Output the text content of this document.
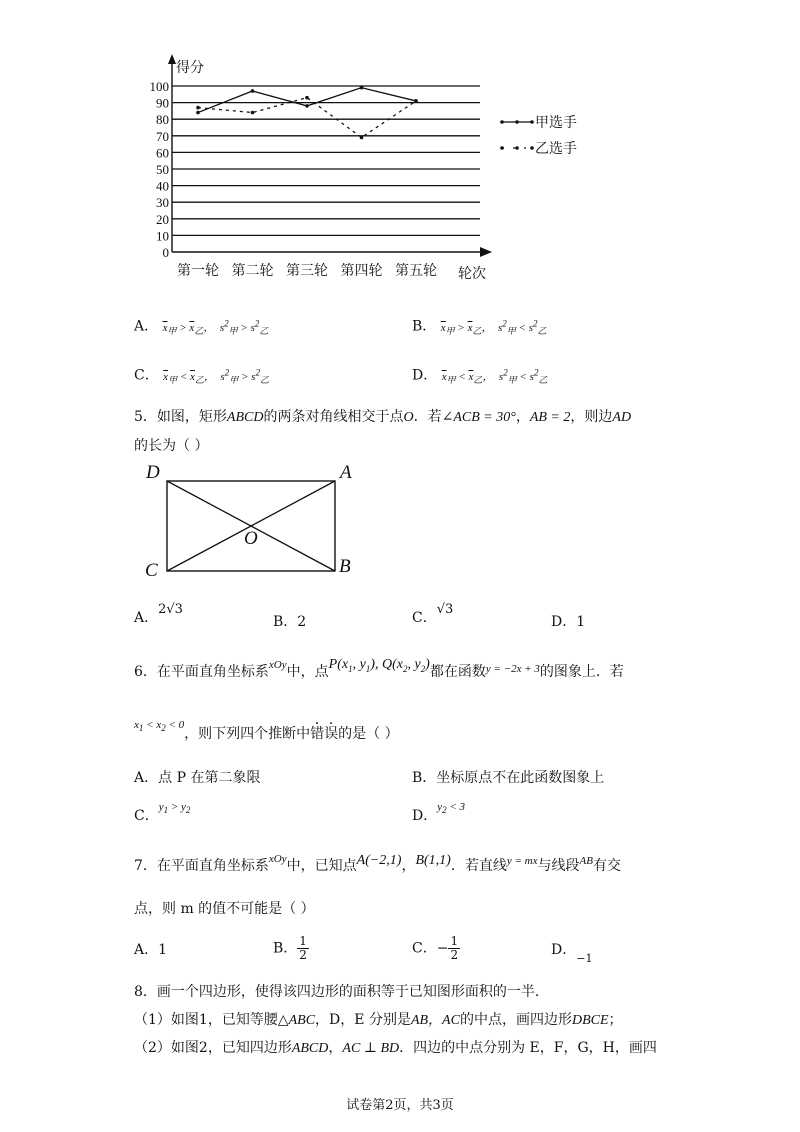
得分
0
10
20
30
40
50
60
70
80
90
100
第一轮 第二轮 第三轮 第四轮 第五轮 轮次
甲选手
乙选手
A． $\overline{x}_甲 > \overline{x}_乙$，  $s^2_甲 > s^2_乙$	B． $\overline{x}_甲 > \overline{x}_乙$，  $s^2_甲 < s^2_乙$
C． $\overline{x}_甲 < \overline{x}_乙$，  $s^2_甲 > s^2_乙$	D． $\overline{x}_甲 < \overline{x}_乙$，  $s^2_甲 < s^2_乙$
5．如图，矩形ABCD的两条对角线相交于点O．若∠ACB = 30°，AB = 2，则边AD
的长为（ ）
D	A
C	B
O
A．2√3
B．2	C．√3
D．1
6．在平面直角坐标系$^{xOy}$中，点$P(x_1$, $y_1$), $Q(x_2$, $y_2$)都在函数$^{y = -2x + 3}$的图象上．若
$^{x_1 < x_2 < 0}$，则下列四个推断中错误的是（ ）
A．点 P 在第二象限	B．坐标原点不在此函数图象上
C．$^{y_1 > y_2}$	D．$^{y_2 < 3}$
7．在平面直角坐标系$^{xOy}$中，已知点A(−2,1)，B(1,1)．若直线$^{y = mx}$与线段$^{AB}$有交
点，则 m 的值不可能是（ ）
A．1	B． $\frac{1}{2}$	C．− $\frac{1}{2}$	D．$_{-1}$
8．画一个四边形，使得该四边形的面积等于已知图形面积的一半．
（1）如图1，已知等腰△ABC，D，E 分别是AB，AC的中点，画四边形DBCE；
（2）如图2，已知四边形ABCD，AC ⊥ BD．四边的中点分别为 E，F，G，H，画四
试卷第2页，共3页
